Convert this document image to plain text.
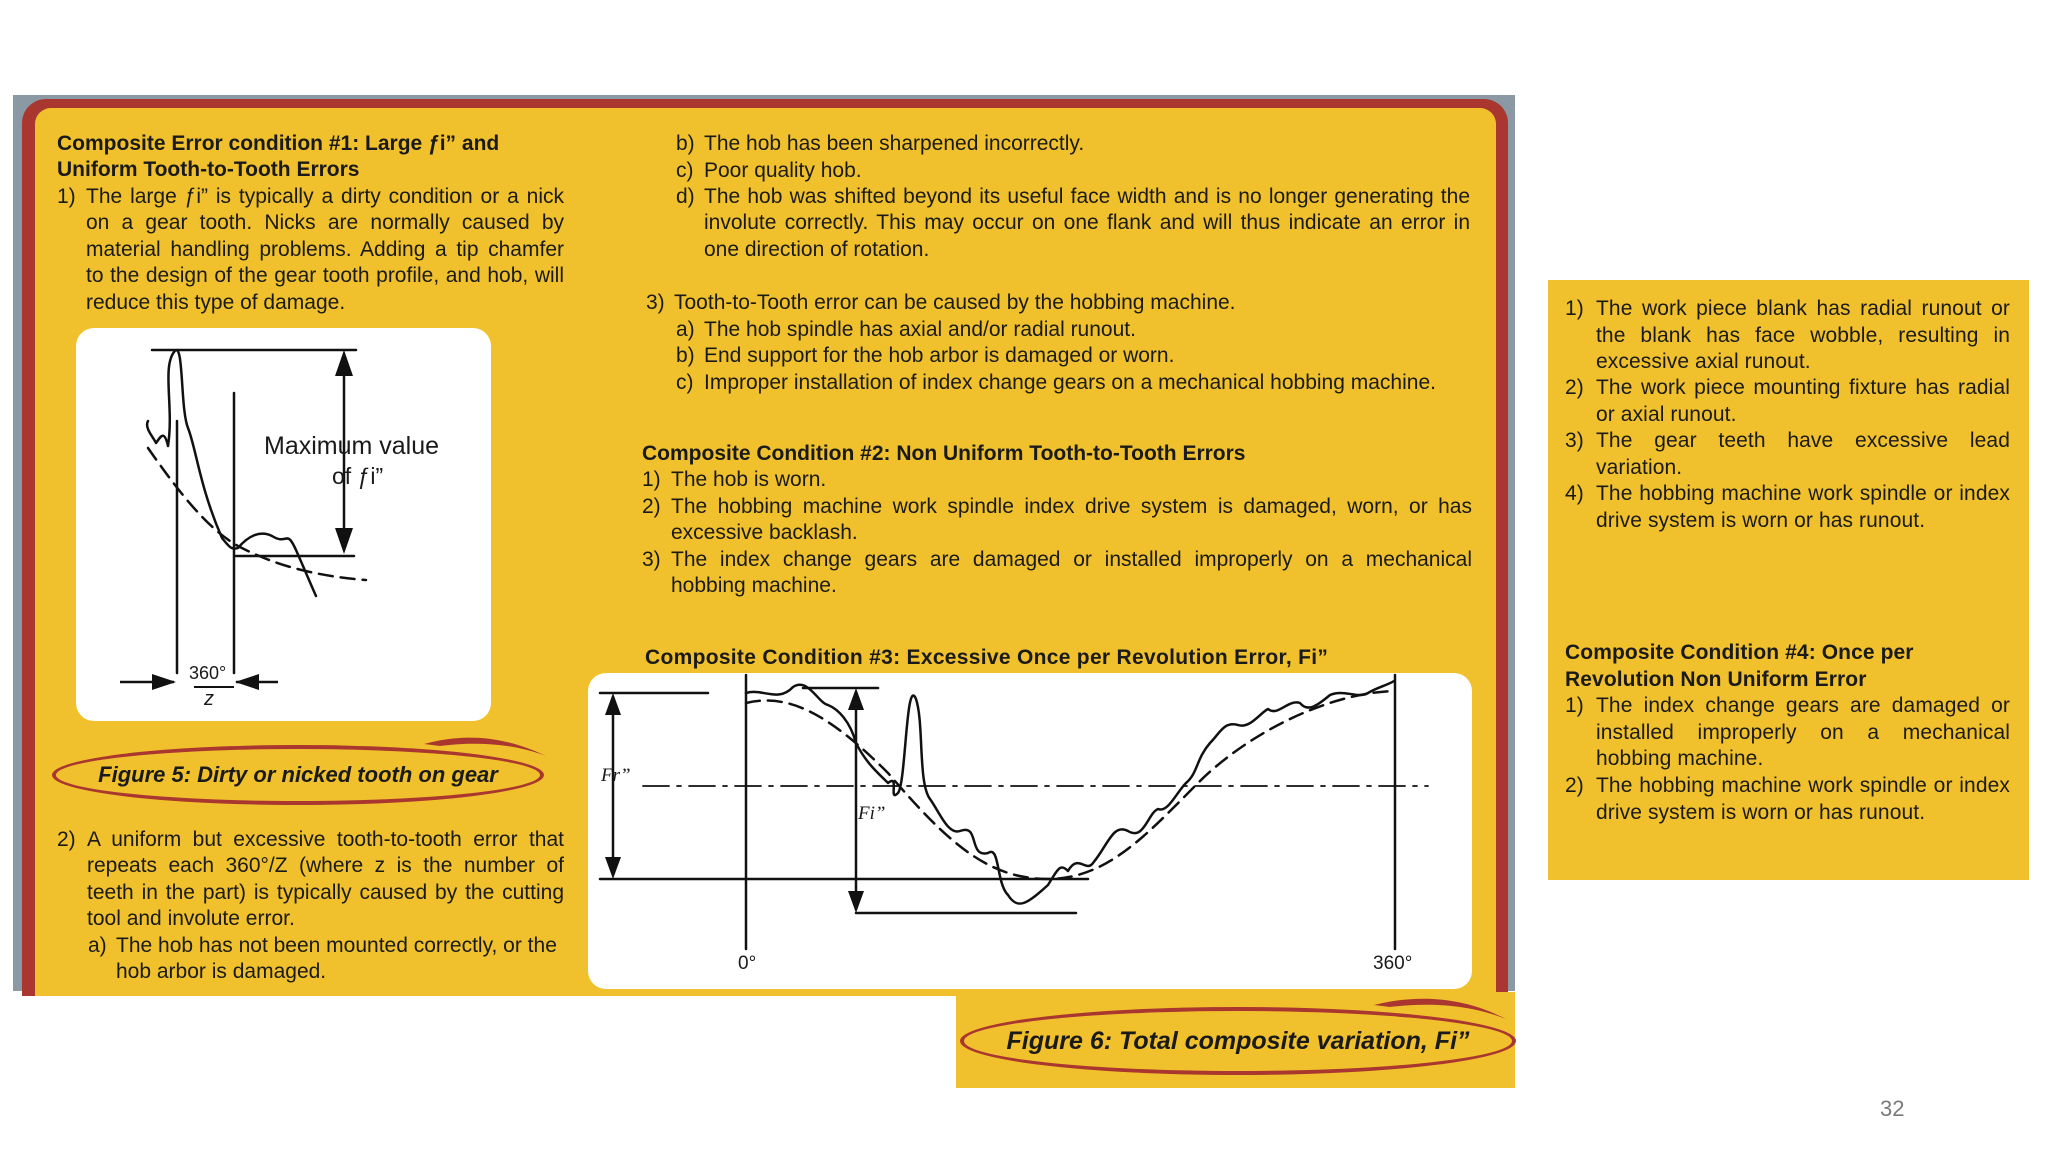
Composite Error condition #1: Large ƒi” and Uniform Tooth-to-Tooth Errors
1) The large ƒi” is typically a dirty condition or a nick on a gear tooth. Nicks are normally caused by material handling problems. Adding a tip chamfer to the design of the gear tooth profile, and hob, will reduce this type of damage.
Maximum value
of ƒi”
360°
z
Figure 5: Dirty or nicked tooth on gear
2) A uniform but excessive tooth-to-tooth error that repeats each 360°/Z (where z is the number of teeth in the part) is typically caused by the cutting tool and involute error.
a) The hob has not been mounted correctly, or the hob arbor is damaged.
b) The hob has been sharpened incorrectly.
c) Poor quality hob.
d) The hob was shifted beyond its useful face width and is no longer generating the involute correctly. This may occur on one flank and will thus indicate an error in one direction of rotation.
3) Tooth-to-Tooth error can be caused by the hobbing machine.
a) The hob spindle has axial and/or radial runout.
b) End support for the hob arbor is damaged or worn.
c) Improper installation of index change gears on a mechanical hobbing machine.
Composite Condition #2: Non Uniform Tooth-to-Tooth Errors
1) The hob is worn.
2) The hobbing machine work spindle index drive system is damaged, worn, or has excessive backlash.
3) The index change gears are damaged or installed improperly on a mechanical hobbing machine.
Composite Condition #3: Excessive Once per Revolution Error, Fi”
Fr”
Fi”
0°	360°
Figure 6: Total composite variation, Fi”
1) The work piece blank has radial runout or the blank has face wobble, resulting in excessive axial runout.
2) The work piece mounting fixture has radial or axial runout.
3) The gear teeth have excessive lead variation.
4) The hobbing machine work spindle or index drive system is worn or has runout.
Composite Condition #4: Once per Revolution Non Uniform Error
1) The index change gears are damaged or installed improperly on a mechanical hobbing machine.
2) The hobbing machine work spindle or index drive system is worn or has runout.
32
